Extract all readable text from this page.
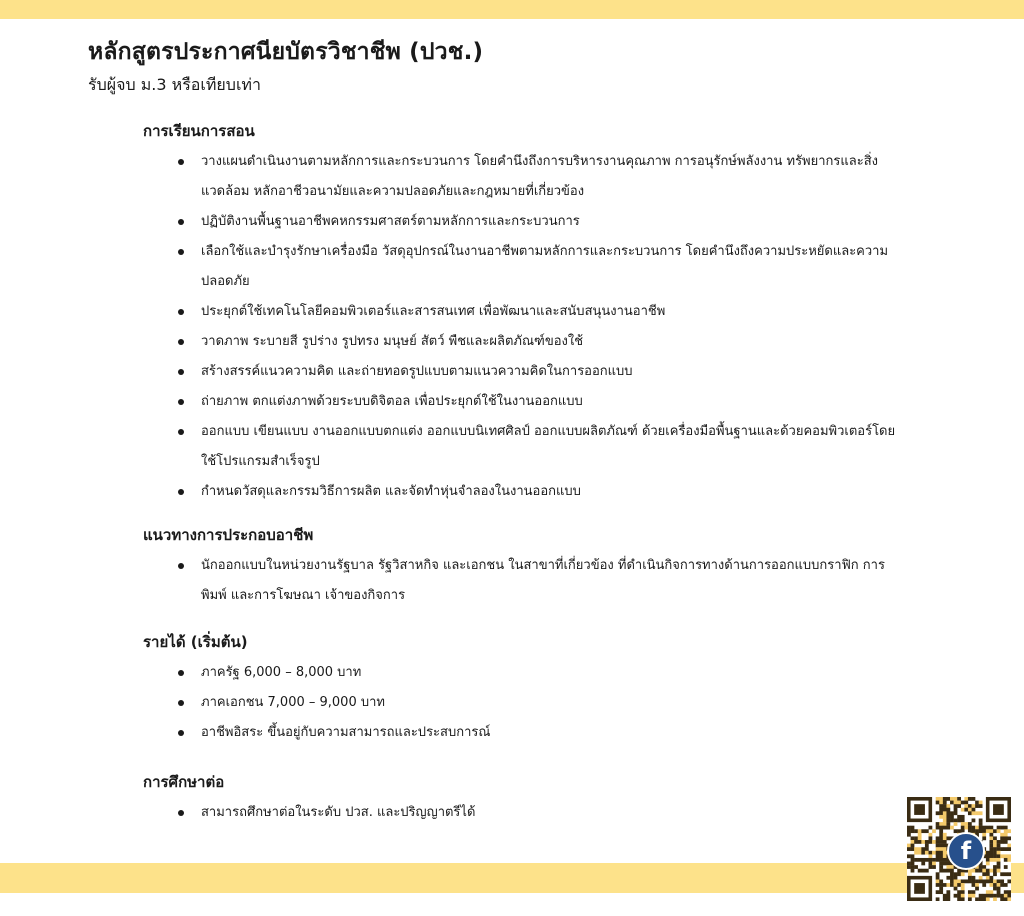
หลักสูตรประกาศนียบัตรวิชาชีพ (ปวช.)

รับผู้จบ ม.3 หรือเทียบเท่า

การเรียนการสอน
วางแผนดำเนินงานตามหลักการและกระบวนการ โดยคำนึงถึงการบริหารงานคุณภาพ การอนุรักษ์พลังงาน ทรัพยากรและสิ่งแวดล้อม หลักอาชีวอนามัยและความปลอดภัยและกฎหมายที่เกี่ยวข้อง
ปฏิบัติงานพื้นฐานอาชีพคหกรรมศาสตร์ตามหลักการและกระบวนการ
เลือกใช้และบำรุงรักษาเครื่องมือ วัสดุอุปกรณ์ในงานอาชีพตามหลักการและกระบวนการ โดยคำนึงถึงความประหยัดและความปลอดภัย
ประยุกต์ใช้เทคโนโลยีคอมพิวเตอร์และสารสนเทศ เพื่อพัฒนาและสนับสนุนงานอาชีพ
วาดภาพ ระบายสี รูปร่าง รูปทรง มนุษย์ สัตว์ พืชและผลิตภัณฑ์ของใช้
สร้างสรรค์แนวความคิด และถ่ายทอดรูปแบบตามแนวความคิดในการออกแบบ
ถ่ายภาพ ตกแต่งภาพด้วยระบบดิจิตอล เพื่อประยุกต์ใช้ในงานออกแบบ
ออกแบบ เขียนแบบ งานออกแบบตกแต่ง ออกแบบนิเทศศิลป์ ออกแบบผลิตภัณฑ์ ด้วยเครื่องมือพื้นฐานและด้วยคอมพิวเตอร์โดยใช้โปรแกรมสำเร็จรูป
กำหนดวัสดุและกรรมวิธีการผลิต และจัดทำหุ่นจำลองในงานออกแบบ
แนวทางการประกอบอาชีพ
นักออกแบบในหน่วยงานรัฐบาล รัฐวิสาหกิจ และเอกชน ในสาขาที่เกี่ยวข้อง ที่ดำเนินกิจการทางด้านการออกแบบกราฟิก การพิมพ์ และการโฆษณา เจ้าของกิจการ
รายได้ (เริ่มต้น)
ภาครัฐ 6,000 – 8,000 บาท
ภาคเอกชน 7,000 – 9,000 บาท
อาชีพอิสระ ขึ้นอยู่กับความสามารถและประสบการณ์
การศึกษาต่อ
สามารถศึกษาต่อในระดับ ปวส. และปริญญาตรีได้
f
